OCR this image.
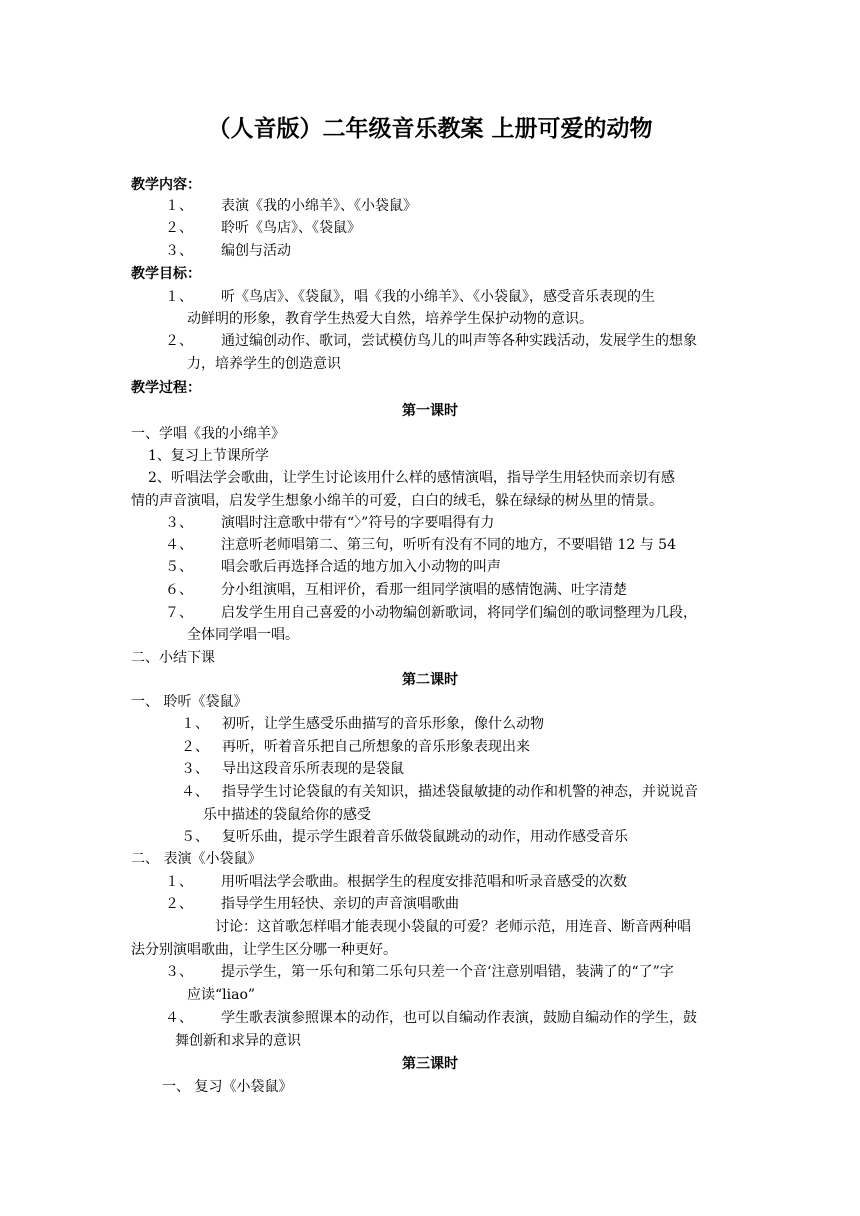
（人音版）二年级音乐教案 上册可爱的动物
教学内容：
１、 表演《我的小绵羊》、《小袋鼠》
２、 聆听《鸟店》、《袋鼠》
３、 编创与活动
教学目标：
１、 听《鸟店》、《袋鼠》，唱《我的小绵羊》、《小袋鼠》，感受音乐表现的生
动鲜明的形象，教育学生热爱大自然，培养学生保护动物的意识。
２、 通过编创动作、歌词，尝试模仿鸟儿的叫声等各种实践活动，发展学生的想象
力，培养学生的创造意识
教学过程：
第一课时
一、学唱《我的小绵羊》
1、复习上节课所学
2、听唱法学会歌曲，让学生讨论该用什么样的感情演唱，指导学生用轻快而亲切有感
情的声音演唱，启发学生想象小绵羊的可爱，白白的绒毛，躲在绿绿的树丛里的情景。
３、 演唱时注意歌中带有“〉”符号的字要唱得有力
４、 注意听老师唱第二、第三句，听听有没有不同的地方，不要唱错 12 与 54
５、 唱会歌后再选择合适的地方加入小动物的叫声
６、 分小组演唱，互相评价，看那一组同学演唱的感情饱满、吐字清楚
７、 启发学生用自己喜爱的小动物编创新歌词，将同学们编创的歌词整理为几段，
全体同学唱一唱。
二、小结下课
第二课时
一、 聆听《袋鼠》
１、 初听，让学生感受乐曲描写的音乐形象，像什么动物
２、 再听，听着音乐把自己所想象的音乐形象表现出来
３、 导出这段音乐所表现的是袋鼠
４、 指导学生讨论袋鼠的有关知识，描述袋鼠敏捷的动作和机警的神态，并说说音
乐中描述的袋鼠给你的感受
５、 复听乐曲，提示学生跟着音乐做袋鼠跳动的动作，用动作感受音乐
二、 表演《小袋鼠》
１、 用听唱法学会歌曲。根据学生的程度安排范唱和听录音感受的次数
２、 指导学生用轻快、亲切的声音演唱歌曲
讨论：这首歌怎样唱才能表现小袋鼠的可爱？老师示范，用连音、断音两种唱
法分别演唱歌曲，让学生区分哪一种更好。
３、 提示学生，第一乐句和第二乐句只差一个音‘注意别唱错，装满了的“了”字
应读“liao”
４、 学生歌表演参照课本的动作，也可以自编动作表演，鼓励自编动作的学生，鼓
舞创新和求异的意识
第三课时
一、 复习《小袋鼠》
